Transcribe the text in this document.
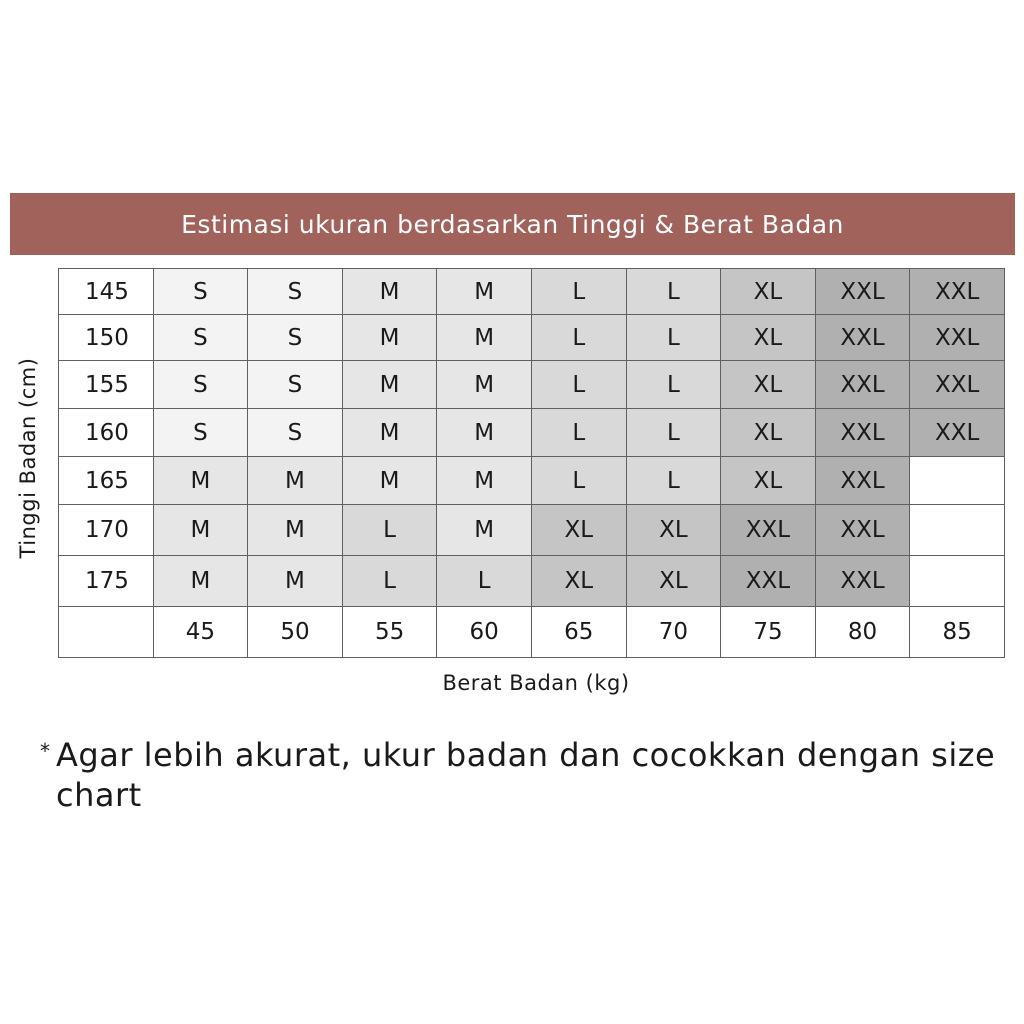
Estimasi ukuran berdasarkan Tinggi & Berat Badan
Tinggi Badan (cm)
145	S	S	M	M	L	L	XL	XXL	XXL
150	S	S	M	M	L	L	XL	XXL	XXL
155	S	S	M	M	L	L	XL	XXL	XXL
160	S	S	M	M	L	L	XL	XXL	XXL
165	M	M	M	M	L	L	XL	XXL	
170	M	M	L	M	XL	XL	XXL	XXL	
175	M	M	L	L	XL	XL	XXL	XXL	
	45	50	55	60	65	70	75	80	85
Berat Badan (kg)
* Agar lebih akurat, ukur badan dan cocokkan dengan size chart
